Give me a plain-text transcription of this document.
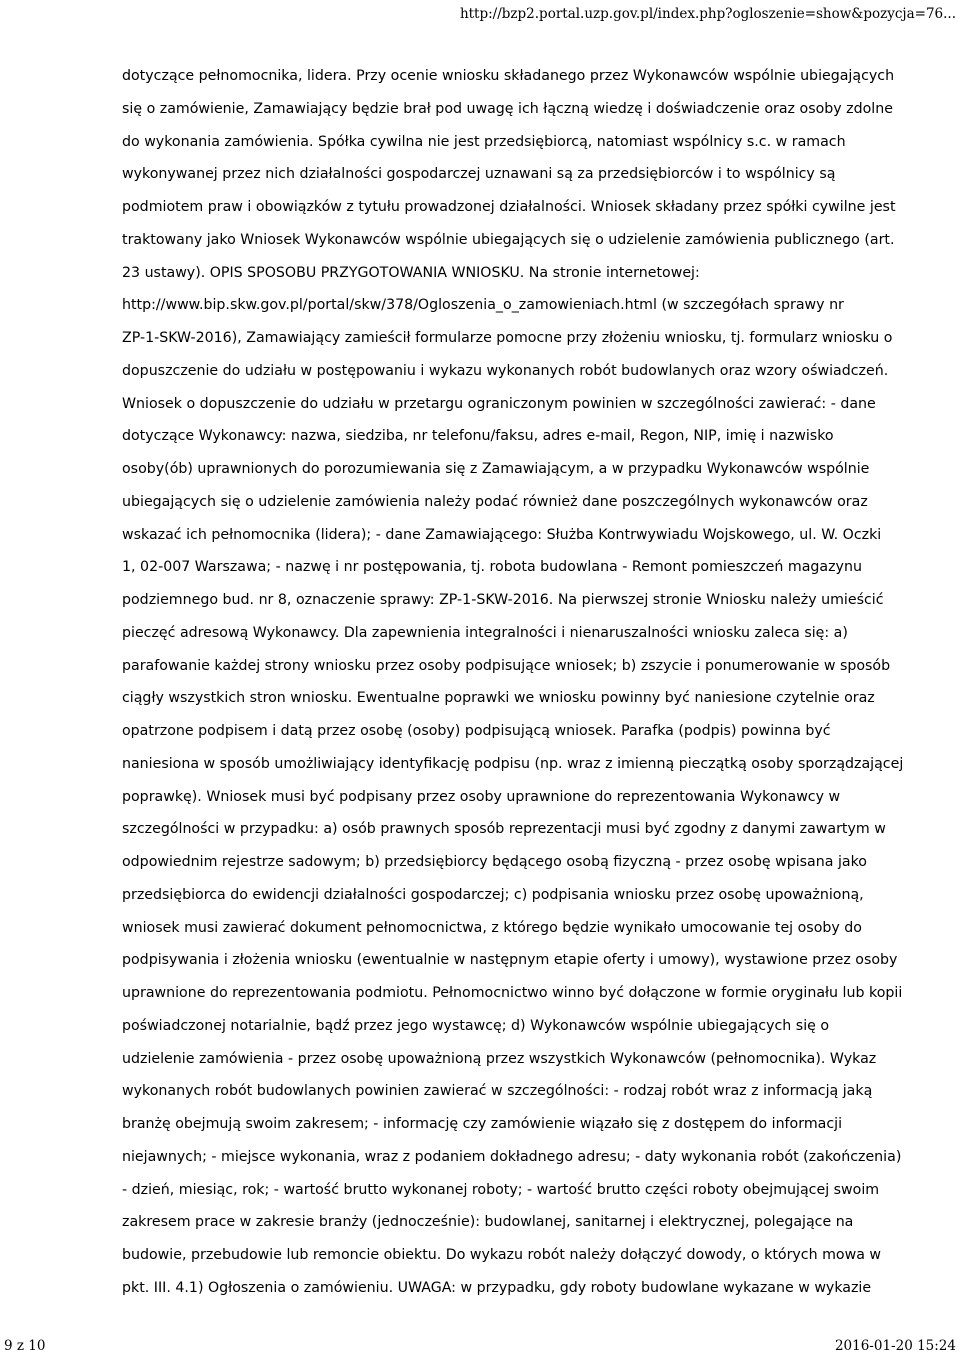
http://bzp2.portal.uzp.gov.pl/index.php?ogloszenie=show&pozycja=76...
dotyczące pełnomocnika, lidera. Przy ocenie wniosku składanego przez Wykonawców wspólnie ubiegających
się o zamówienie, Zamawiający będzie brał pod uwagę ich łączną wiedzę i doświadczenie oraz osoby zdolne
do wykonania zamówienia. Spółka cywilna nie jest przedsiębiorcą, natomiast wspólnicy s.c. w ramach
wykonywanej przez nich działalności gospodarczej uznawani są za przedsiębiorców i to wspólnicy są
podmiotem praw i obowiązków z tytułu prowadzonej działalności. Wniosek składany przez spółki cywilne jest
traktowany jako Wniosek Wykonawców wspólnie ubiegających się o udzielenie zamówienia publicznego (art.
23 ustawy). OPIS SPOSOBU PRZYGOTOWANIA WNIOSKU. Na stronie internetowej:
http://www.bip.skw.gov.pl/portal/skw/378/Ogloszenia_o_zamowieniach.html (w szczegółach sprawy nr
ZP-1-SKW-2016), Zamawiający zamieścił formularze pomocne przy złożeniu wniosku, tj. formularz wniosku o
dopuszczenie do udziału w postępowaniu i wykazu wykonanych robót budowlanych oraz wzory oświadczeń.
Wniosek o dopuszczenie do udziału w przetargu ograniczonym powinien w szczególności zawierać: - dane
dotyczące Wykonawcy: nazwa, siedziba, nr telefonu/faksu, adres e-mail, Regon, NIP, imię i nazwisko
osoby(ób) uprawnionych do porozumiewania się z Zamawiającym, a w przypadku Wykonawców wspólnie
ubiegających się o udzielenie zamówienia należy podać również dane poszczególnych wykonawców oraz
wskazać ich pełnomocnika (lidera); - dane Zamawiającego: Służba Kontrwywiadu Wojskowego, ul. W. Oczki
1, 02-007 Warszawa; - nazwę i nr postępowania, tj. robota budowlana - Remont pomieszczeń magazynu
podziemnego bud. nr 8, oznaczenie sprawy: ZP-1-SKW-2016. Na pierwszej stronie Wniosku należy umieścić
pieczęć adresową Wykonawcy. Dla zapewnienia integralności i nienaruszalności wniosku zaleca się: a)
parafowanie każdej strony wniosku przez osoby podpisujące wniosek; b) zszycie i ponumerowanie w sposób
ciągły wszystkich stron wniosku. Ewentualne poprawki we wniosku powinny być naniesione czytelnie oraz
opatrzone podpisem i datą przez osobę (osoby) podpisującą wniosek. Parafka (podpis) powinna być
naniesiona w sposób umożliwiający identyfikację podpisu (np. wraz z imienną pieczątką osoby sporządzającej
poprawkę). Wniosek musi być podpisany przez osoby uprawnione do reprezentowania Wykonawcy w
szczególności w przypadku: a) osób prawnych sposób reprezentacji musi być zgodny z danymi zawartym w
odpowiednim rejestrze sadowym; b) przedsiębiorcy będącego osobą fizyczną - przez osobę wpisana jako
przedsiębiorca do ewidencji działalności gospodarczej; c) podpisania wniosku przez osobę upoważnioną,
wniosek musi zawierać dokument pełnomocnictwa, z którego będzie wynikało umocowanie tej osoby do
podpisywania i złożenia wniosku (ewentualnie w następnym etapie oferty i umowy), wystawione przez osoby
uprawnione do reprezentowania podmiotu. Pełnomocnictwo winno być dołączone w formie oryginału lub kopii
poświadczonej notarialnie, bądź przez jego wystawcę; d) Wykonawców wspólnie ubiegających się o
udzielenie zamówienia - przez osobę upoważnioną przez wszystkich Wykonawców (pełnomocnika). Wykaz
wykonanych robót budowlanych powinien zawierać w szczególności: - rodzaj robót wraz z informacją jaką
branżę obejmują swoim zakresem; - informację czy zamówienie wiązało się z dostępem do informacji
niejawnych; - miejsce wykonania, wraz z podaniem dokładnego adresu; - daty wykonania robót (zakończenia)
- dzień, miesiąc, rok; - wartość brutto wykonanej roboty; - wartość brutto części roboty obejmującej swoim
zakresem prace w zakresie branży (jednocześnie): budowlanej, sanitarnej i elektrycznej, polegające na
budowie, przebudowie lub remoncie obiektu. Do wykazu robót należy dołączyć dowody, o których mowa w
pkt. III. 4.1) Ogłoszenia o zamówieniu. UWAGA: w przypadku, gdy roboty budowlane wykazane w wykazie
9 z 10	2016-01-20 15:24
